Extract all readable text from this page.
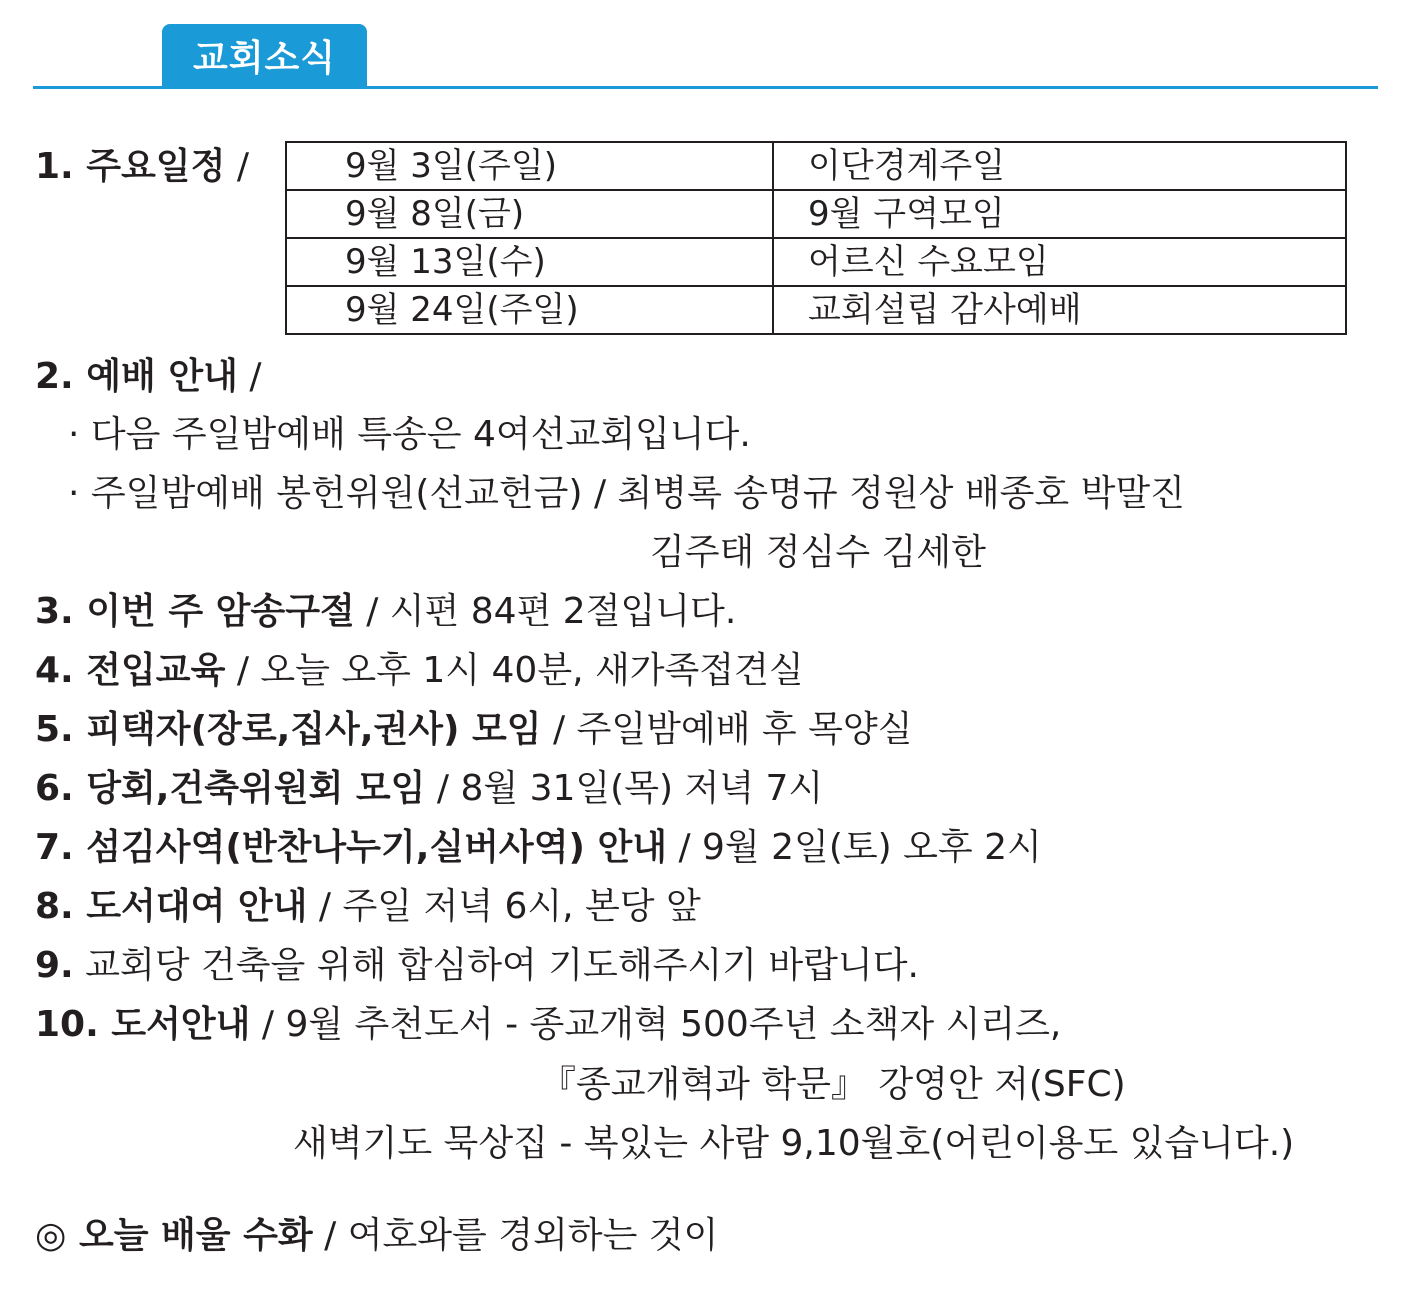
교회소식
1. 주요일정 /	9월 3일(주일)	이단경계주일
9월 8일(금)	9월 구역모임
9월 13일(수)	어르신 수요모임
9월 24일(주일)	교회설립 감사예배
2. 예배 안내 /
· 다음 주일밤예배 특송은 4여선교회입니다.
· 주일밤예배 봉헌위원(선교헌금) / 최병록 송명규 정원상 배종호 박말진
김주태 정심수 김세한
3. 이번 주 암송구절 / 시편 84편 2절입니다.
4. 전입교육 / 오늘 오후 1시 40분, 새가족접견실
5. 피택자(장로,집사,권사) 모임 / 주일밤예배 후 목양실
6. 당회,건축위원회 모임 / 8월 31일(목) 저녁 7시
7. 섬김사역(반찬나누기,실버사역) 안내 / 9월 2일(토) 오후 2시
8. 도서대여 안내 / 주일 저녁 6시, 본당 앞
9. 교회당 건축을 위해 합심하여 기도해주시기 바랍니다.
10. 도서안내 / 9월 추천도서 - 종교개혁 500주년 소책자 시리즈,
『종교개혁과 학문』 강영안 저(SFC)
새벽기도 묵상집 - 복있는 사람 9,10월호(어린이용도 있습니다.)
◎ 오늘 배울 수화 / 여호와를 경외하는 것이
